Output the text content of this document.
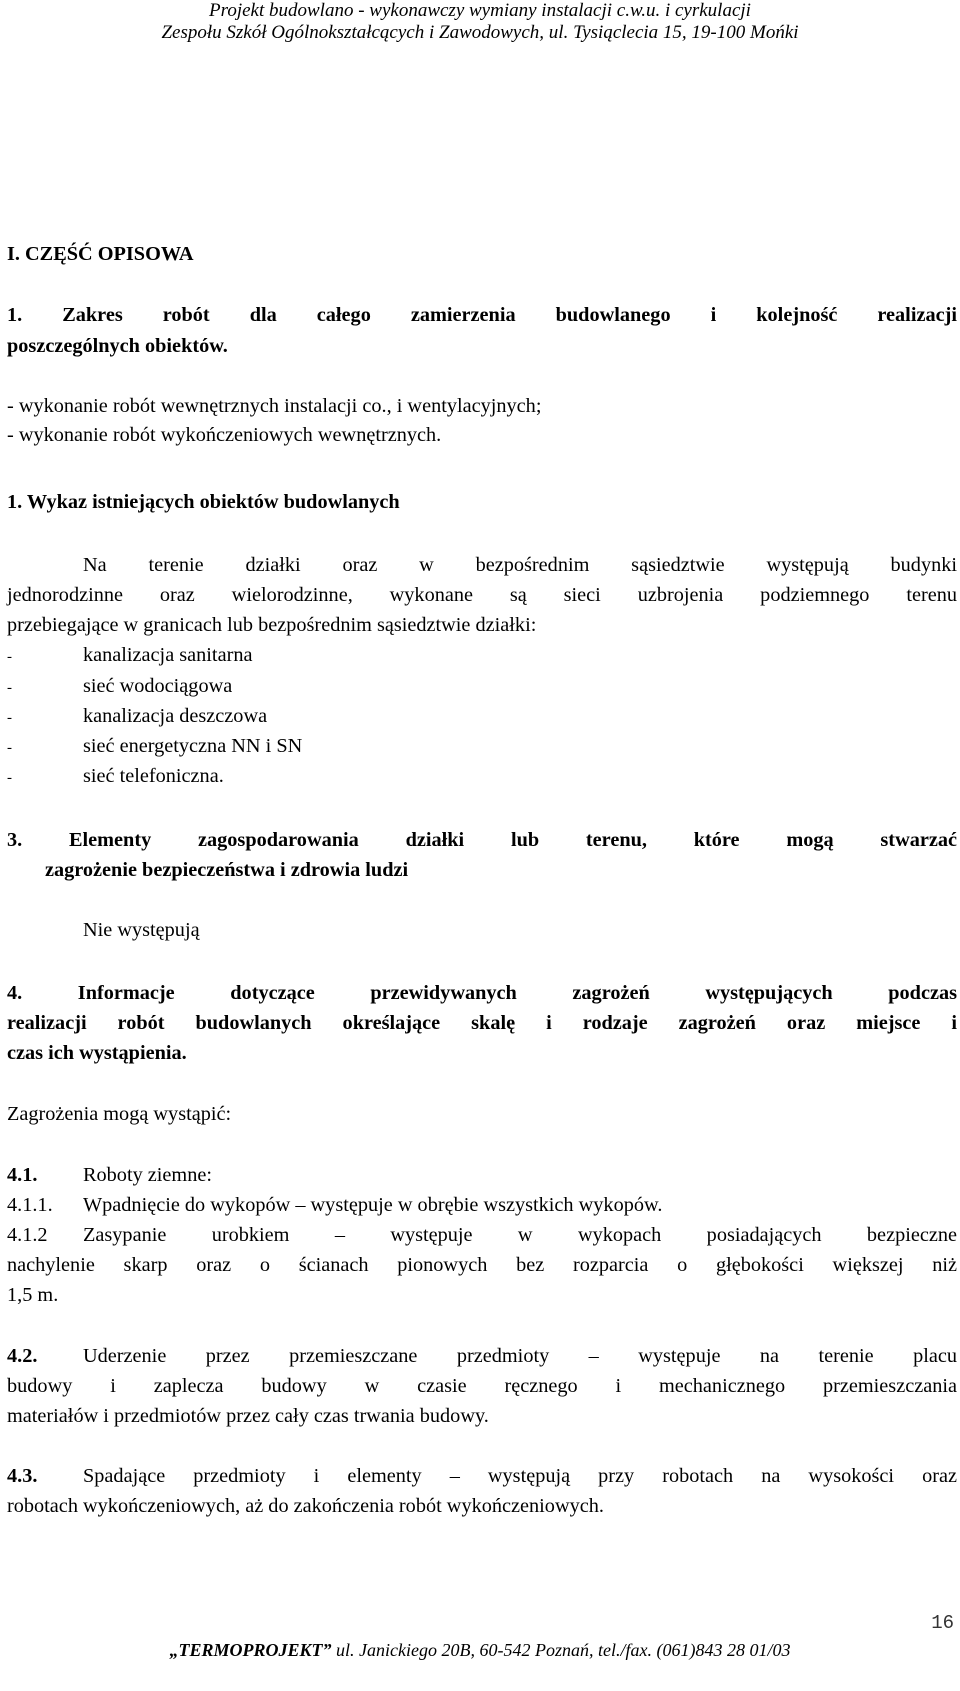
Projekt budowlano - wykonawczy wymiany instalacji c.w.u. i cyrkulacji
Zespołu Szkół Ogólnokształcących i Zawodowych, ul. Tysiąclecia 15, 19-100 Mońki
I. CZĘŚĆ OPISOWA
1. Zakres robót dla całego zamierzenia budowlanego i kolejność realizacji
poszczególnych obiektów.
- wykonanie robót wewnętrznych instalacji co., i wentylacyjnych;
- wykonanie robót wykończeniowych wewnętrznych.
1. Wykaz istniejących obiektów budowlanych
Na terenie działki oraz w bezpośrednim sąsiedztwie występują budynki
jednorodzinne oraz wielorodzinne, wykonane są sieci uzbrojenia podziemnego terenu
przebiegające w granicach lub bezpośrednim sąsiedztwie działki:
-	kanalizacja sanitarna
-	sieć wodociągowa
-	kanalizacja deszczowa
-	sieć energetyczna NN i SN
-	sieć telefoniczna.
3. Elementy zagospodarowania działki lub terenu, które mogą stwarzać
zagrożenie bezpieczeństwa i zdrowia ludzi
Nie występują
4. Informacje dotyczące przewidywanych zagrożeń występujących podczas
realizacji robót budowlanych określające skalę i rodzaje zagrożeń oraz miejsce i
czas ich wystąpienia.
Zagrożenia mogą wystąpić:
4.1. Roboty ziemne:
4.1.1. Wpadnięcie do wykopów – występuje w obrębie wszystkich wykopów.
4.1.2 Zasypanie urobkiem – występuje w wykopach posiadających bezpieczne
nachylenie skarp oraz o ścianach pionowych bez rozparcia o głębokości większej niż
1,5 m.
4.2. Uderzenie przez przemieszczane przedmioty – występuje na terenie placu
budowy i zaplecza budowy w czasie ręcznego i mechanicznego przemieszczania
materiałów i przedmiotów przez cały czas trwania budowy.
4.3. Spadające przedmioty i elementy – występują przy robotach na wysokości oraz
robotach wykończeniowych, aż do zakończenia robót wykończeniowych.
16
„TERMOPROJEKT” ul. Janickiego 20B, 60-542 Poznań, tel./fax. (061)843 28 01/03
